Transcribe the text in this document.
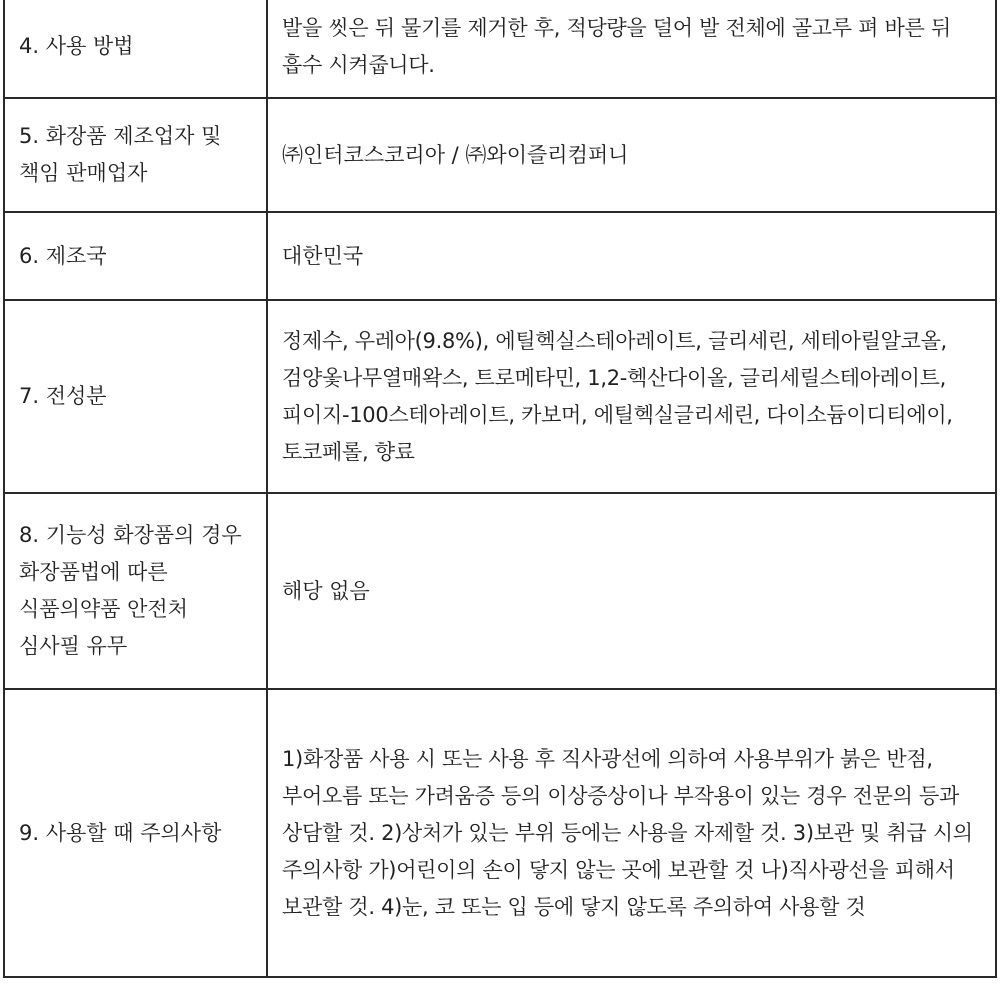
4. 사용 방법	발을 씻은 뒤 물기를 제거한 후, 적당량을 덜어 발 전체에 골고루 펴 바른 뒤 흡수 시켜줍니다.
5. 화장품 제조업자 및 책임 판매업자	㈜인터코스코리아 / ㈜와이즐리컴퍼니
6. 제조국	대한민국
7. 전성분	정제수, 우레아(9.8%), 에틸헥실스테아레이트, 글리세린, 세테아릴알코올, 검양옻나무열매왁스, 트로메타민, 1,2-헥산다이올, 글리세릴스테아레이트, 피이지-100스테아레이트, 카보머, 에틸헥실글리세린, 다이소듐이디티에이, 토코페롤, 향료
8. 기능성 화장품의 경우 화장품법에 따른 식품의약품 안전처 심사필 유무	해당 없음
9. 사용할 때 주의사항	1)화장품 사용 시 또는 사용 후 직사광선에 의하여 사용부위가 붉은 반점, 부어오름 또는 가려움증 등의 이상증상이나 부작용이 있는 경우 전문의 등과 상담할 것. 2)상처가 있는 부위 등에는 사용을 자제할 것. 3)보관 및 취급 시의 주의사항 가)어린이의 손이 닿지 않는 곳에 보관할 것 나)직사광선을 피해서 보관할 것. 4)눈, 코 또는 입 등에 닿지 않도록 주의하여 사용할 것
